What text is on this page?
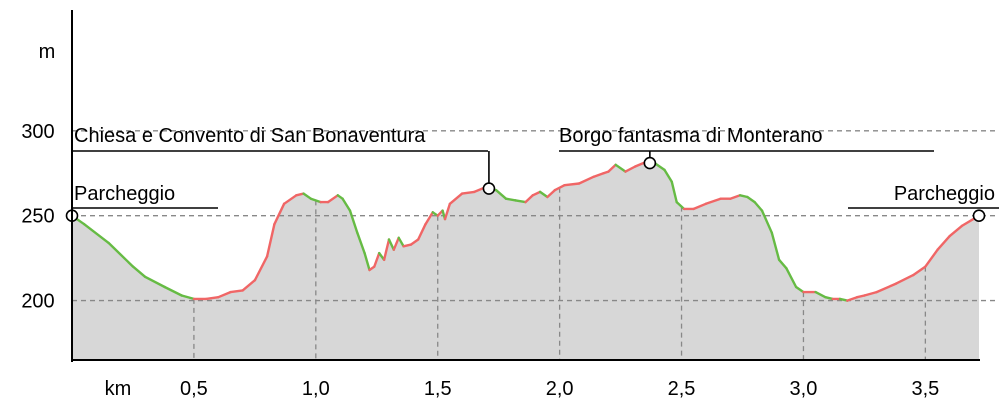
Parcheggio
Chiesa e Convento di San Bonaventura	Borgo fantasma di Monterano
Parcheggio
200
250
300
0,5	1,0	1,5	2,0	2,5	3,0	3,5
m
km
